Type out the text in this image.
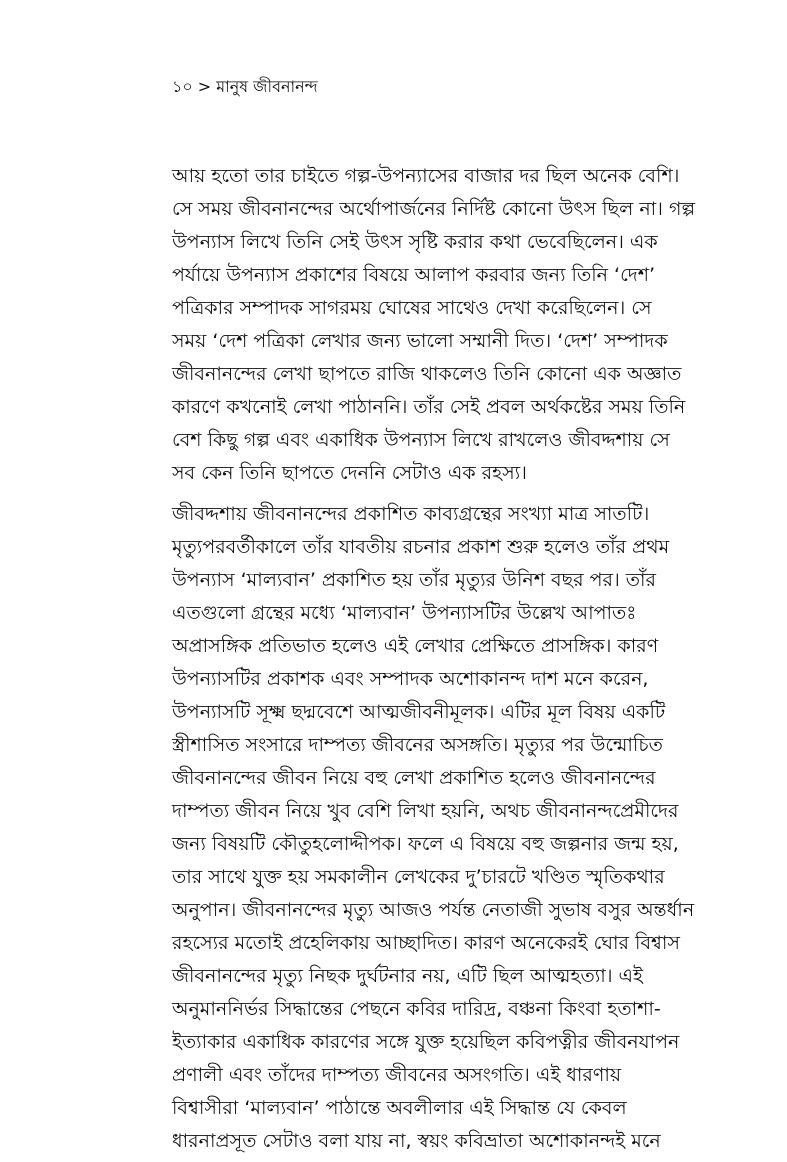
১০ > মানুষ জীবনানন্দ

আয় হতো তার চাইতে গল্প-উপন্যাসের বাজার দর ছিল অনেক বেশি।
সে সময় জীবনানন্দের অর্থোপার্জনের নির্দিষ্ট কোনো উৎস ছিল না। গল্প
উপন্যাস লিখে তিনি সেই উৎস সৃষ্টি করার কথা ভেবেছিলেন। এক
পর্যায়ে উপন্যাস প্রকাশের বিষয়ে আলাপ করবার জন্য তিনি ‘দেশ’
পত্রিকার সম্পাদক সাগরময় ঘোষের সাথেও দেখা করেছিলেন। সে
সময় ‘দেশ পত্রিকা লেখার জন্য ভালো সম্মানী দিত। ‘দেশ’ সম্পাদক
জীবনানন্দের লেখা ছাপতে রাজি থাকলেও তিনি কোনো এক অজ্ঞাত
কারণে কখনোই লেখা পাঠাননি। তাঁর সেই প্রবল অর্থকষ্টের সময় তিনি
বেশ কিছু গল্প এবং একাধিক উপন্যাস লিখে রাখলেও জীবদ্দশায় সে
সব কেন তিনি ছাপতে দেননি সেটাও এক রহস্য।

জীবদ্দশায় জীবনানন্দের প্রকাশিত কাব্যগ্রন্থের সংখ্যা মাত্র সাতটি।
মৃত্যুপরবর্তীকালে তাঁর যাবতীয় রচনার প্রকাশ শুরু হলেও তাঁর প্রথম
উপন্যাস ‘মাল্যবান’ প্রকাশিত হয় তাঁর মৃত্যুর উনিশ বছর পর। তাঁর
এতগুলো গ্রন্থের মধ্যে ‘মাল্যবান’ উপন্যাসটির উল্লেখ আপাতঃ
অপ্রাসঙ্গিক প্রতিভাত হলেও এই লেখার প্রেক্ষিতে প্রাসঙ্গিক। কারণ
উপন্যাসটির প্রকাশক এবং সম্পাদক অশোকানন্দ দাশ মনে করেন,
উপন্যাসটি সূক্ষ্ম ছদ্মবেশে আত্মজীবনীমূলক। এটির মূল বিষয় একটি
স্ত্রীশাসিত সংসারে দাম্পত্য জীবনের অসঙ্গতি। মৃত্যুর পর উন্মোচিত
জীবনানন্দের জীবন নিয়ে বহু লেখা প্রকাশিত হলেও জীবনানন্দের
দাম্পত্য জীবন নিয়ে খুব বেশি লিখা হয়নি, অথচ জীবনানন্দপ্রেমীদের
জন্য বিষয়টি কৌতুহলোদ্দীপক। ফলে এ বিষয়ে বহু জল্পনার জন্ম হয়,
তার সাথে যুক্ত হয় সমকালীন লেখকের দু’চারটে খণ্ডিত স্মৃতিকথার
অনুপান। জীবনানন্দের মৃত্যু আজও পর্যন্ত নেতাজী সুভাষ বসুর অন্তর্ধান
রহস্যের মতোই প্রহেলিকায় আচ্ছাদিত। কারণ অনেকেরই ঘোর বিশ্বাস
জীবনানন্দের মৃত্যু নিছক দুর্ঘটনার নয়, এটি ছিল আত্মহত্যা। এই
অনুমাননির্ভর সিদ্ধান্তের পেছনে কবির দারিদ্র, বঞ্চনা কিংবা হতাশা-
ইত্যাকার একাধিক কারণের সঙ্গে যুক্ত হয়েছিল কবিপত্নীর জীবনযাপন
প্রণালী এবং তাঁদের দাম্পত্য জীবনের অসংগতি। এই ধারণায়
বিশ্বাসীরা ‘মাল্যবান’ পাঠান্তে অবলীলার এই সিদ্ধান্ত যে কেবল
ধারনাপ্রসূত সেটাও বলা যায় না, স্বয়ং কবিভ্রাতা অশোকানন্দই মনে
